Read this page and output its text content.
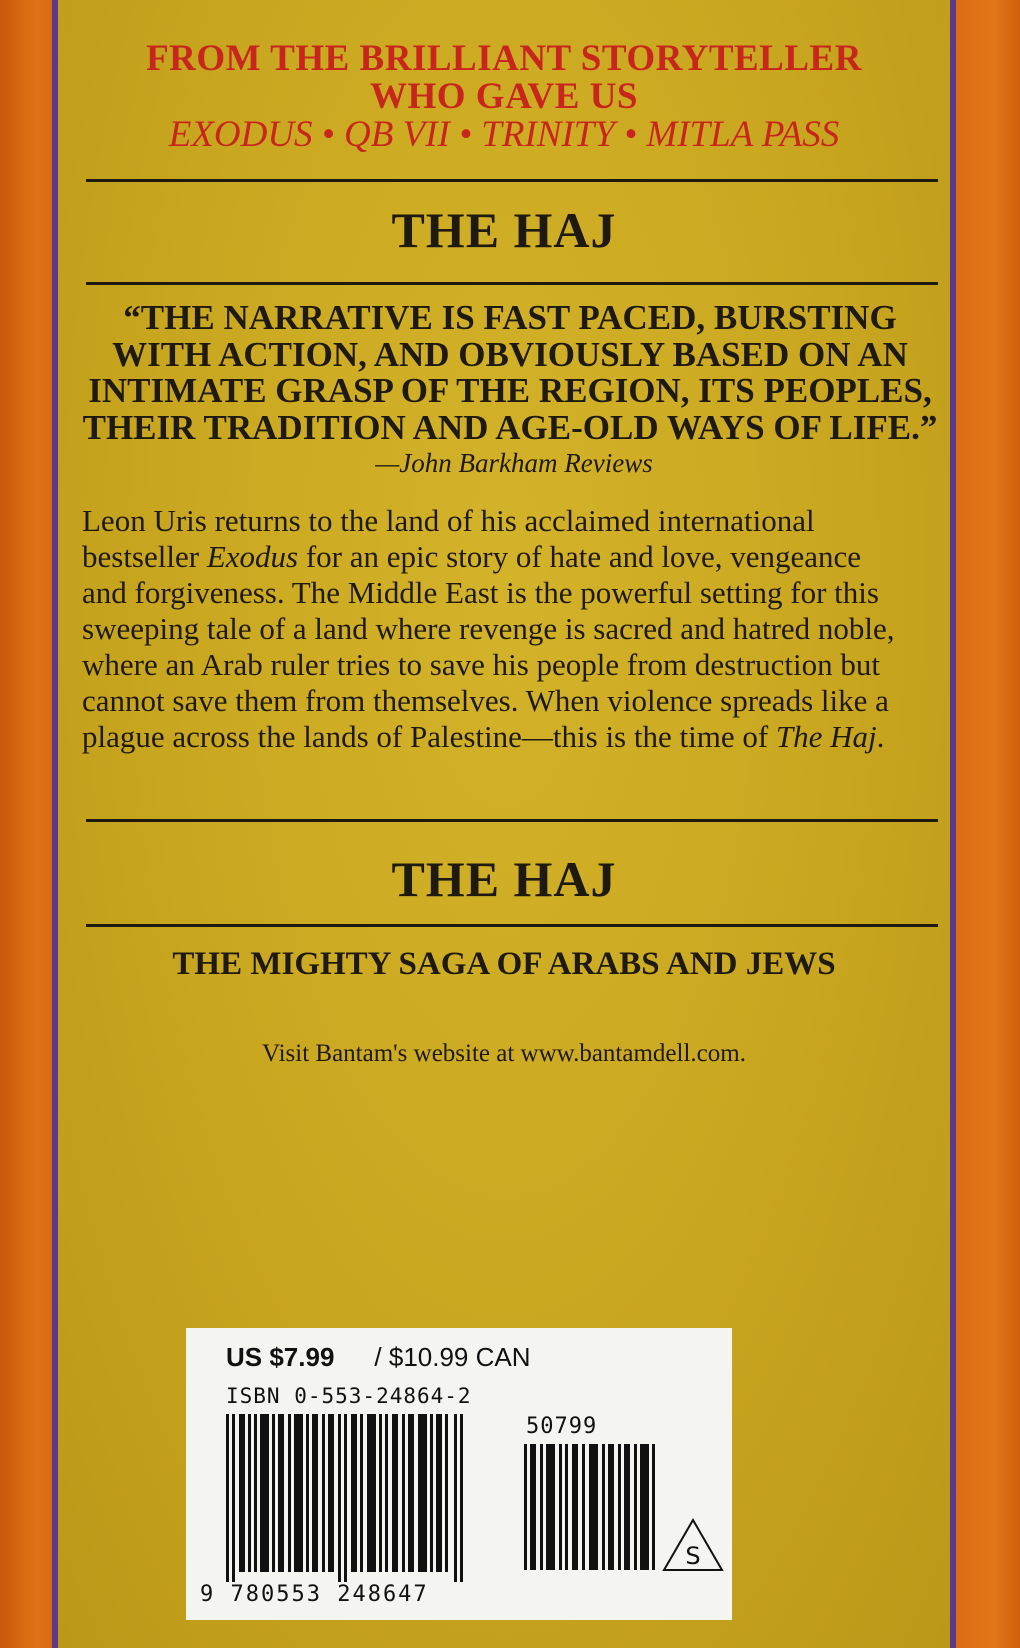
FROM THE BRILLIANT STORYTELLER
WHO GAVE US
EXODUS • QB VII • TRINITY • MITLA PASS
THE HAJ
“THE NARRATIVE IS FAST PACED, BURSTING
WITH ACTION, AND OBVIOUSLY BASED ON AN
INTIMATE GRASP OF THE REGION, ITS PEOPLES,
THEIR TRADITION AND AGE-OLD WAYS OF LIFE.”
—John Barkham Reviews
Leon Uris returns to the land of his acclaimed international bestseller Exodus for an epic story of hate and love, vengeance and forgiveness. The Middle East is the powerful setting for this sweeping tale of a land where revenge is sacred and hatred noble, where an Arab ruler tries to save his people from destruction but cannot save them from themselves. When violence spreads like a plague across the lands of Palestine—this is the time of The Haj.
THE HAJ
THE MIGHTY SAGA OF ARABS AND JEWS
Visit Bantam's website at www.bantamdell.com.
US $7.99 / $10.99 CAN
ISBN 0-553-24864-2
50799
9 780553 248647
S
